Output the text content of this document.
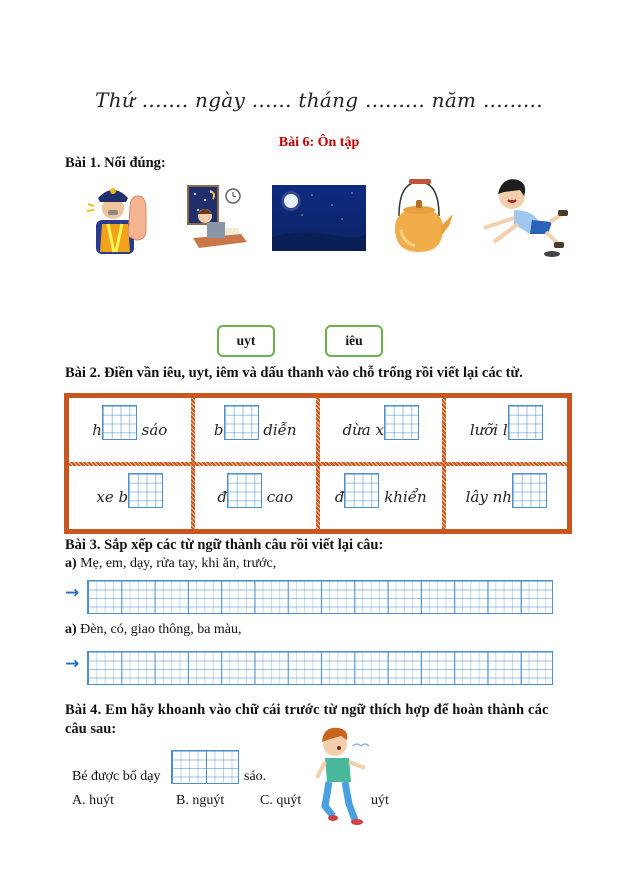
Thứ ....... ngày ...... tháng ......... năm .........
Bài 6: Ôn tập
Bài 1. Nối đúng:
uyt	iêu
Bài 2. Điền vần iêu, uyt, iêm và dấu thanh vào chỗ trống rồi viết lại các từ.
h sáo	b diễn	dừa x	lưỡi l
xe b	đ cao	đ khiển	lây nh
Bài 3. Sắp xếp các từ ngữ thành câu rồi viết lại câu:
a) Mẹ, em, dạy, rửa tay, khi ăn, trước,
→
a) Đèn, có, giao thông, ba màu,
→
Bài 4. Em hãy khoanh vào chữ cái trước từ ngữ thích hợp để hoàn thành các
câu sau:
Bé được bố dạy	sáo.
A. huýt	B. nguýt	C. quýt	uýt
